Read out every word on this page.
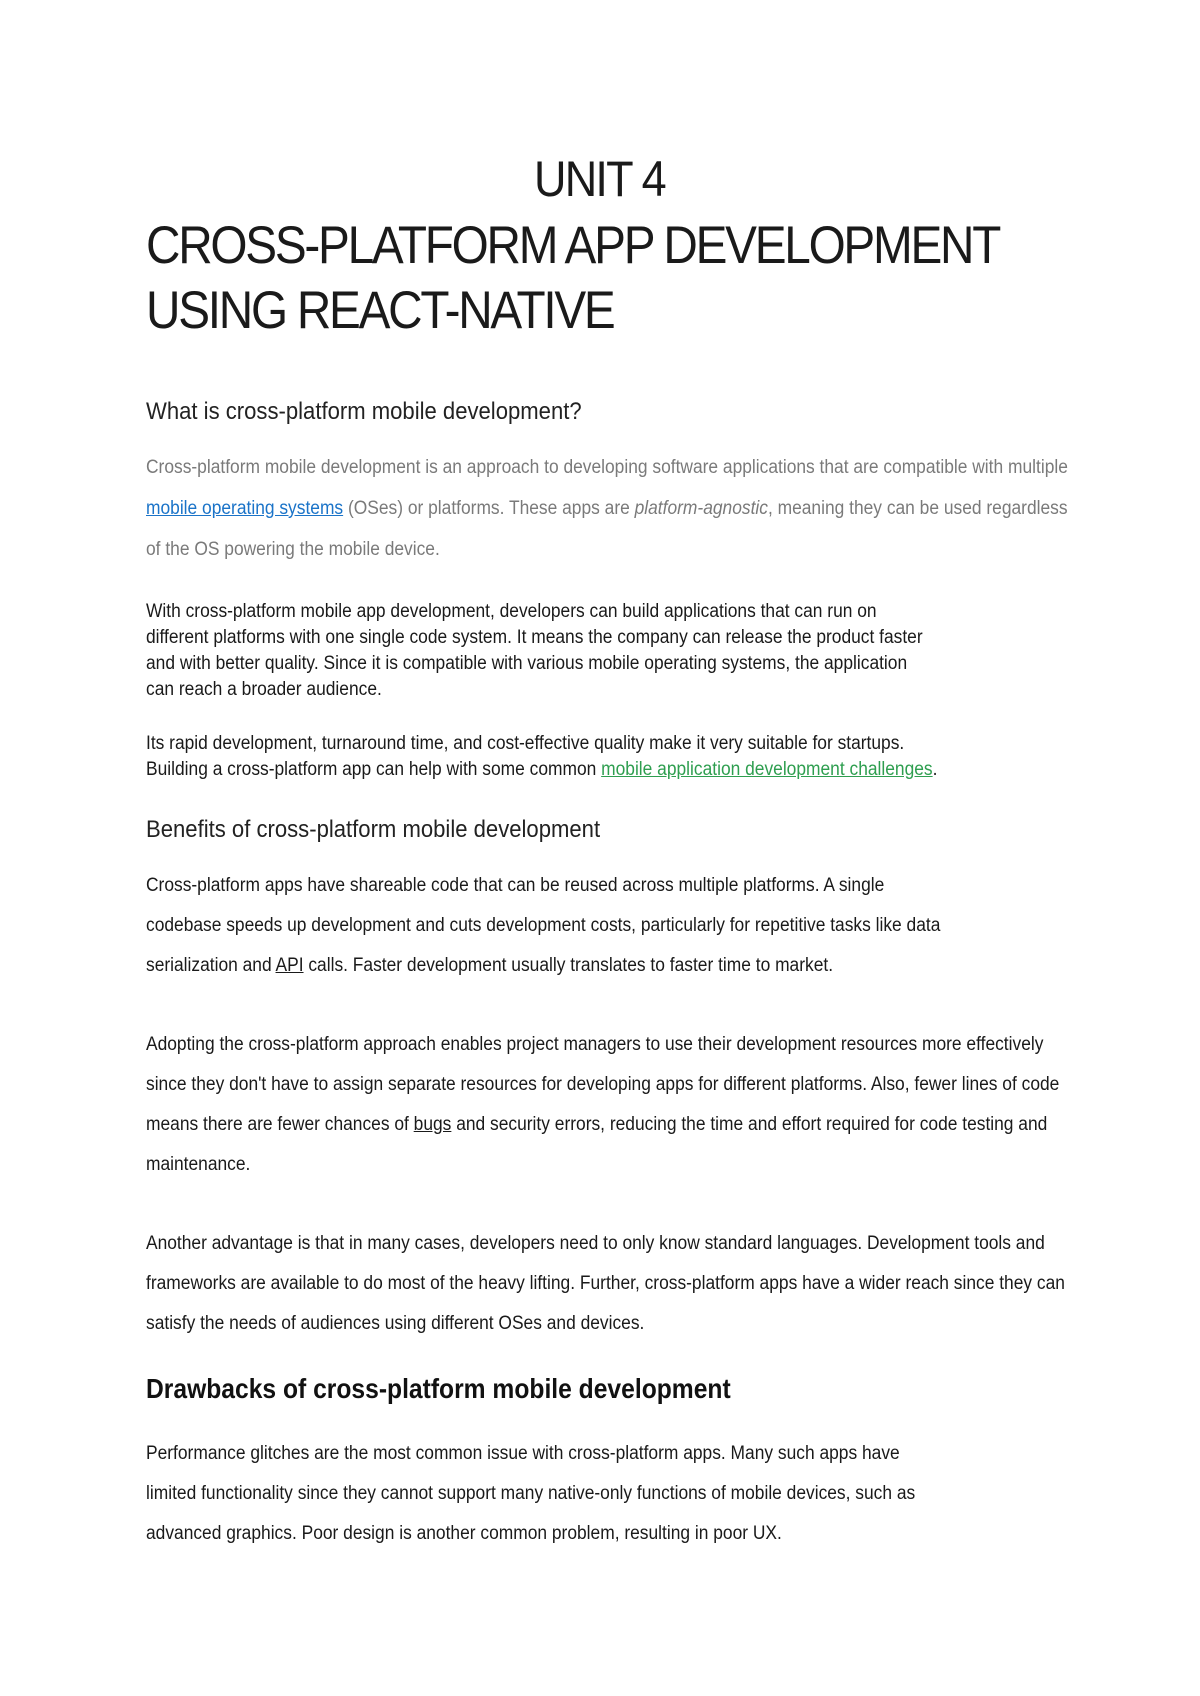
UNIT 4
CROSS-PLATFORM APP DEVELOPMENT
USING REACT-NATIVE
What is cross-platform mobile development?

Cross-platform mobile development is an approach to developing software applications that are compatible with multiple mobile operating systems (OSes) or platforms. These apps are platform-agnostic, meaning they can be used regardless of the OS powering the mobile device.

With cross-platform mobile app development, developers can build applications that can run on different platforms with one single code system. It means the company can release the product faster and with better quality. Since it is compatible with various mobile operating systems, the application can reach a broader audience.

Its rapid development, turnaround time, and cost-effective quality make it very suitable for startups. Building a cross-platform app can help with some common mobile application development challenges.

Benefits of cross-platform mobile development

Cross-platform apps have shareable code that can be reused across multiple platforms. A single codebase speeds up development and cuts development costs, particularly for repetitive tasks like data serialization and API calls. Faster development usually translates to faster time to market.

Adopting the cross-platform approach enables project managers to use their development resources more effectively since they don't have to assign separate resources for developing apps for different platforms. Also, fewer lines of code means there are fewer chances of bugs and security errors, reducing the time and effort required for code testing and maintenance.

Another advantage is that in many cases, developers need to only know standard languages. Development tools and frameworks are available to do most of the heavy lifting. Further, cross-platform apps have a wider reach since they can satisfy the needs of audiences using different OSes and devices.

Drawbacks of cross-platform mobile development

Performance glitches are the most common issue with cross-platform apps. Many such apps have limited functionality since they cannot support many native-only functions of mobile devices, such as advanced graphics. Poor design is another common problem, resulting in poor UX.
